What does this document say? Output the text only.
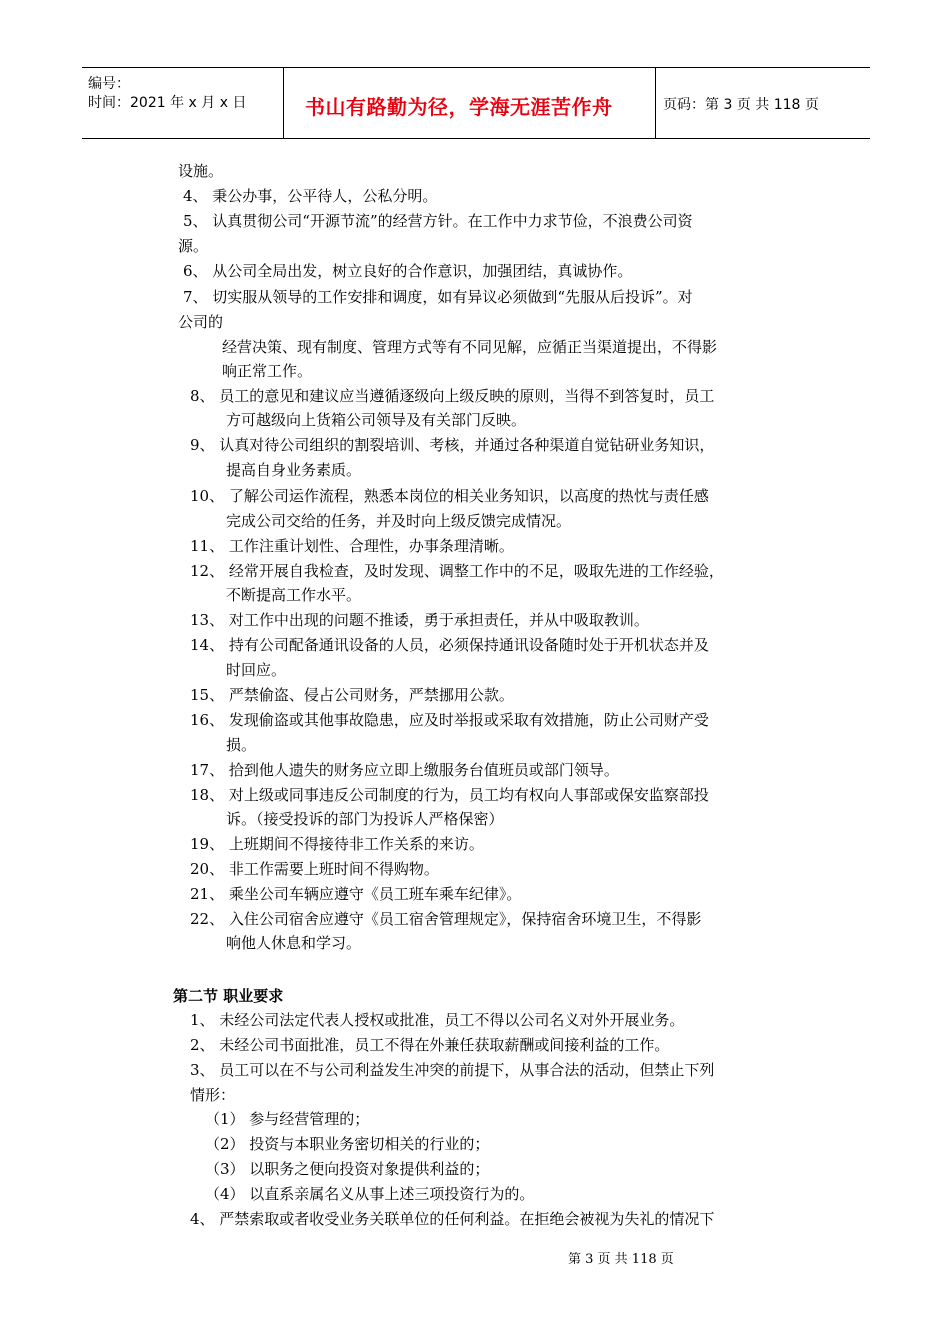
编号：
时间：2021 年 x 月 x 日	书山有路勤为径，学海无涯苦作舟	页码：第 3 页 共 118 页
设施。
4、 秉公办事，公平待人，公私分明。
5、 认真贯彻公司“开源节流”的经营方针。在工作中力求节俭，不浪费公司资
源。
6、 从公司全局出发，树立良好的合作意识，加强团结，真诚协作。
7、 切实服从领导的工作安排和调度，如有异议必须做到“先服从后投诉”。对
公司的
经营决策、现有制度、管理方式等有不同见解，应循正当渠道提出，不得影
响正常工作。
8、 员工的意见和建议应当遵循逐级向上级反映的原则，当得不到答复时，员工
方可越级向上货箱公司领导及有关部门反映。
9、 认真对待公司组织的割裂培训、考核，并通过各种渠道自觉钻研业务知识，
提高自身业务素质。
10、 了解公司运作流程，熟悉本岗位的相关业务知识，以高度的热忱与责任感
完成公司交给的任务，并及时向上级反馈完成情况。
11、 工作注重计划性、合理性，办事条理清晰。
12、 经常开展自我检查，及时发现、调整工作中的不足，吸取先进的工作经验，
不断提高工作水平。
13、 对工作中出现的问题不推诿，勇于承担责任，并从中吸取教训。
14、 持有公司配备通讯设备的人员，必须保持通讯设备随时处于开机状态并及
时回应。
15、 严禁偷盗、侵占公司财务，严禁挪用公款。
16、 发现偷盗或其他事故隐患，应及时举报或采取有效措施，防止公司财产受
损。
17、 拾到他人遗失的财务应立即上缴服务台值班员或部门领导。
18、 对上级或同事违反公司制度的行为，员工均有权向人事部或保安监察部投
诉。（接受投诉的部门为投诉人严格保密）
19、 上班期间不得接待非工作关系的来访。
20、 非工作需要上班时间不得购物。
21、 乘坐公司车辆应遵守《员工班车乘车纪律》。
22、 入住公司宿舍应遵守《员工宿舍管理规定》，保持宿舍环境卫生，不得影
响他人休息和学习。
第二节 职业要求
1、 未经公司法定代表人授权或批准，员工不得以公司名义对外开展业务。
2、 未经公司书面批准，员工不得在外兼任获取薪酬或间接利益的工作。
3、 员工可以在不与公司利益发生冲突的前提下，从事合法的活动，但禁止下列
情形：
（1） 参与经营管理的；
（2） 投资与本职业务密切相关的行业的；
（3） 以职务之便向投资对象提供利益的；
（4） 以直系亲属名义从事上述三项投资行为的。
4、 严禁索取或者收受业务关联单位的任何利益。在拒绝会被视为失礼的情况下
第 3 页 共 118 页
